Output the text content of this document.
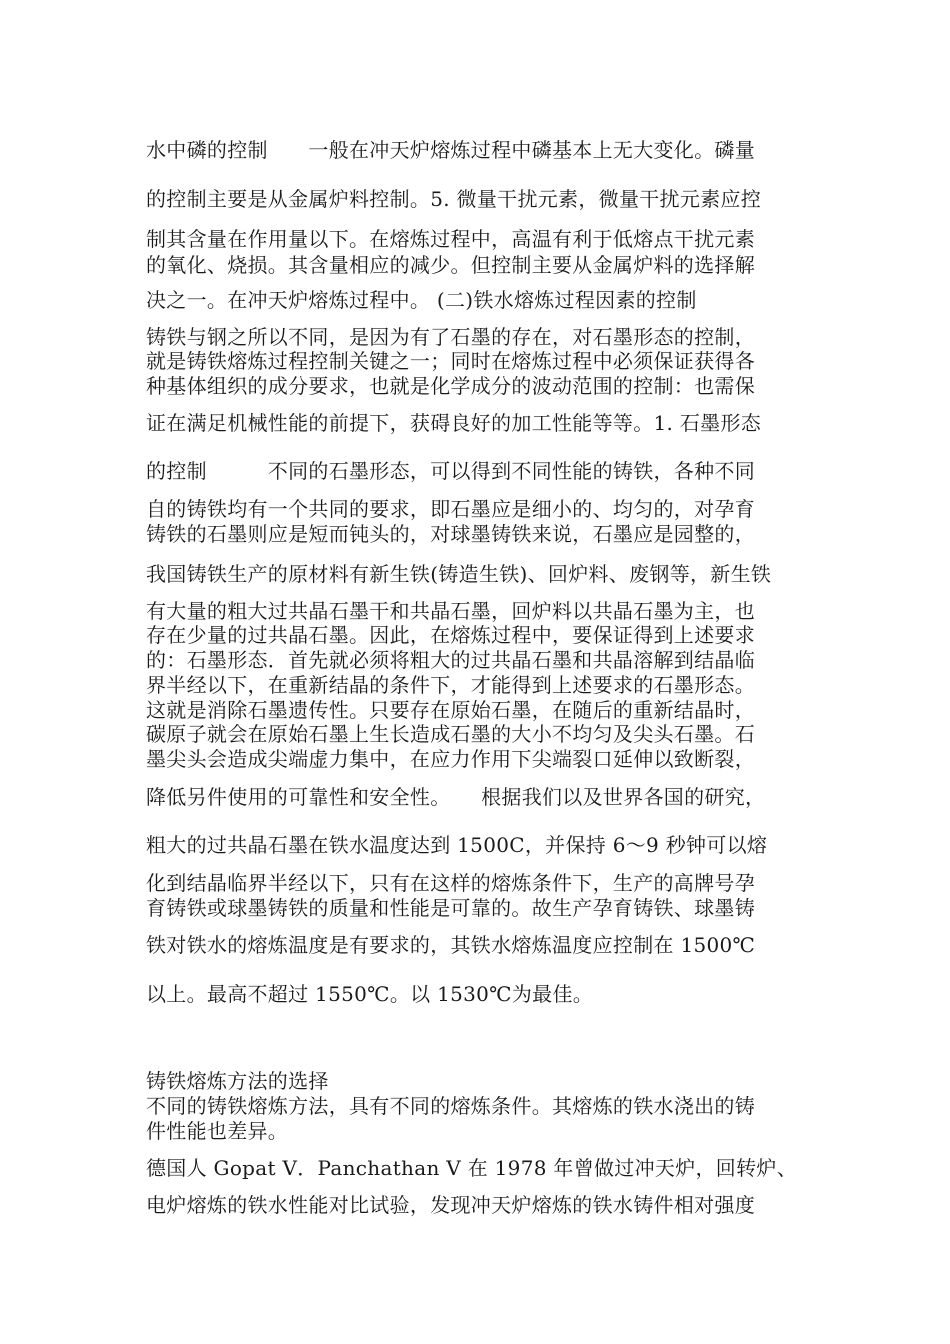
水中磷的控制　　一般在冲天炉熔炼过程中磷基本上无大变化。磷量
的控制主要是从金属炉料控制。5. 微量干扰元素，微量干扰元素应控
制其含量在作用量以下。在熔炼过程中，高温有利于低熔点干扰元素
的氧化、烧损。其含量相应的减少。但控制主要从金属炉料的选择解
决之一。在冲天炉熔炼过程中。 (二)铁水熔炼过程因素的控制
铸铁与钢之所以不同，是因为有了石墨的存在，对石墨形态的控制，
就是铸铁熔炼过程控制关键之一；同时在熔炼过程中必须保证获得各
种基体组织的成分要求，也就是化学成分的波动范围的控制：也需保
证在满足机械性能的前提下，获碍良好的加工性能等等。1. 石墨形态
的控制　　　不同的石墨形态，可以得到不同性能的铸铁，各种不同
自的铸铁均有一个共同的要求，即石墨应是细小的、均匀的，对孕育
铸铁的石墨则应是短而钝头的，对球墨铸铁来说，石墨应是园整的，
我国铸铁生产的原材料有新生铁(铸造生铁)、回炉料、废钢等，新生铁
有大量的粗大过共晶石墨干和共晶石墨，回炉料以共晶石墨为主，也
存在少量的过共晶石墨。因此，在熔炼过程中，要保证得到上述要求
的：石墨形态．首先就必须将粗大的过共晶石墨和共晶溶解到结晶临
界半经以下，在重新结晶的条件下，才能得到上述要求的石墨形态。
这就是消除石墨遗传性。只要存在原始石墨，在随后的重新结晶时，
碳原子就会在原始石墨上生长造成石墨的大小不均匀及尖头石墨。石
墨尖头会造成尖端虚力集中，在应力作用下尖端裂口延伸以致断裂，
降低另件使用的可靠性和安全性。　　根据我们以及世界各国的研究，
粗大的过共晶石墨在铁水温度达到 1500C，并保持 6～9 秒钟可以熔
化到结晶临界半经以下，只有在这样的熔炼条件下，生产的高牌号孕
育铸铁或球墨铸铁的质量和性能是可靠的。故生产孕育铸铁、球墨铸
铁对铁水的熔炼温度是有要求的，其铁水熔炼温度应控制在 1500℃
以上。最高不超过 1550℃。以 1530℃为最佳。
铸铁熔炼方法的选择
不同的铸铁熔炼方法，具有不同的熔炼条件。其熔炼的铁水浇出的铸
件性能也差异。
德国人 Gopat V．Panchathan V 在 1978 年曾做过冲天炉，回转炉、
电炉熔炼的铁水性能对比试验，发现冲天炉熔炼的铁水铸件相对强度
